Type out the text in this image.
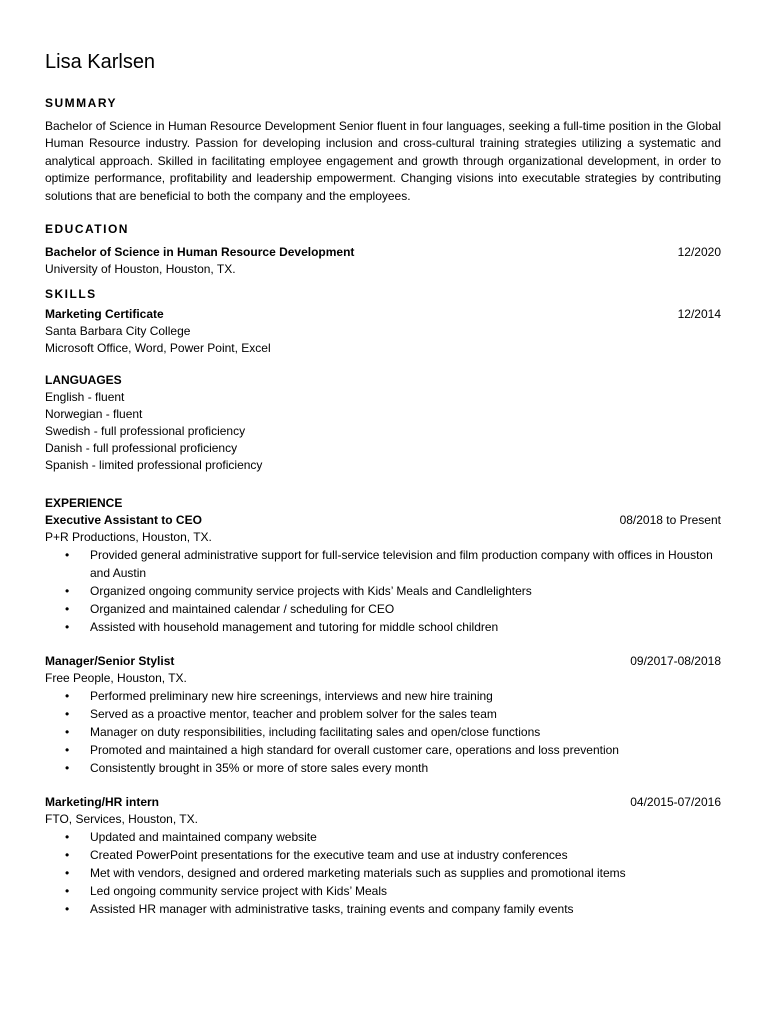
Lisa Karlsen
SUMMARY
Bachelor of Science in Human Resource Development Senior fluent in four languages, seeking a full-time position in the Global Human Resource industry. Passion for developing inclusion and cross-cultural training strategies utilizing a systematic and analytical approach. Skilled in facilitating employee engagement and growth through organizational development, in order to optimize performance, profitability and leadership empowerment. Changing visions into executable strategies by contributing solutions that are beneficial to both the company and the employees.
EDUCATION
Bachelor of Science in Human Resource Development	12/2020
University of Houston, Houston, TX.
SKILLS
Marketing Certificate	12/2014
Santa Barbara City College
Microsoft Office, Word, Power Point, Excel
LANGUAGES
English - fluent
Norwegian - fluent
Swedish - full professional proficiency
Danish - full professional proficiency
Spanish - limited professional proficiency
EXPERIENCE
Executive Assistant to CEO	08/2018 to Present
P+R Productions, Houston, TX.
• Provided general administrative support for full-service television and film production company with offices in Houston and Austin
• Organized ongoing community service projects with Kids’ Meals and Candlelighters
• Organized and maintained calendar / scheduling for CEO
• Assisted with household management and tutoring for middle school children
Manager/Senior Stylist	09/2017-08/2018
Free People, Houston, TX.
• Performed preliminary new hire screenings, interviews and new hire training
• Served as a proactive mentor, teacher and problem solver for the sales team
• Manager on duty responsibilities, including facilitating sales and open/close functions
• Promoted and maintained a high standard for overall customer care, operations and loss prevention
• Consistently brought in 35% or more of store sales every month
Marketing/HR intern	04/2015-07/2016
FTO, Services, Houston, TX.
• Updated and maintained company website
• Created PowerPoint presentations for the executive team and use at industry conferences
• Met with vendors, designed and ordered marketing materials such as supplies and promotional items
• Led ongoing community service project with Kids’ Meals
• Assisted HR manager with administrative tasks, training events and company family events
